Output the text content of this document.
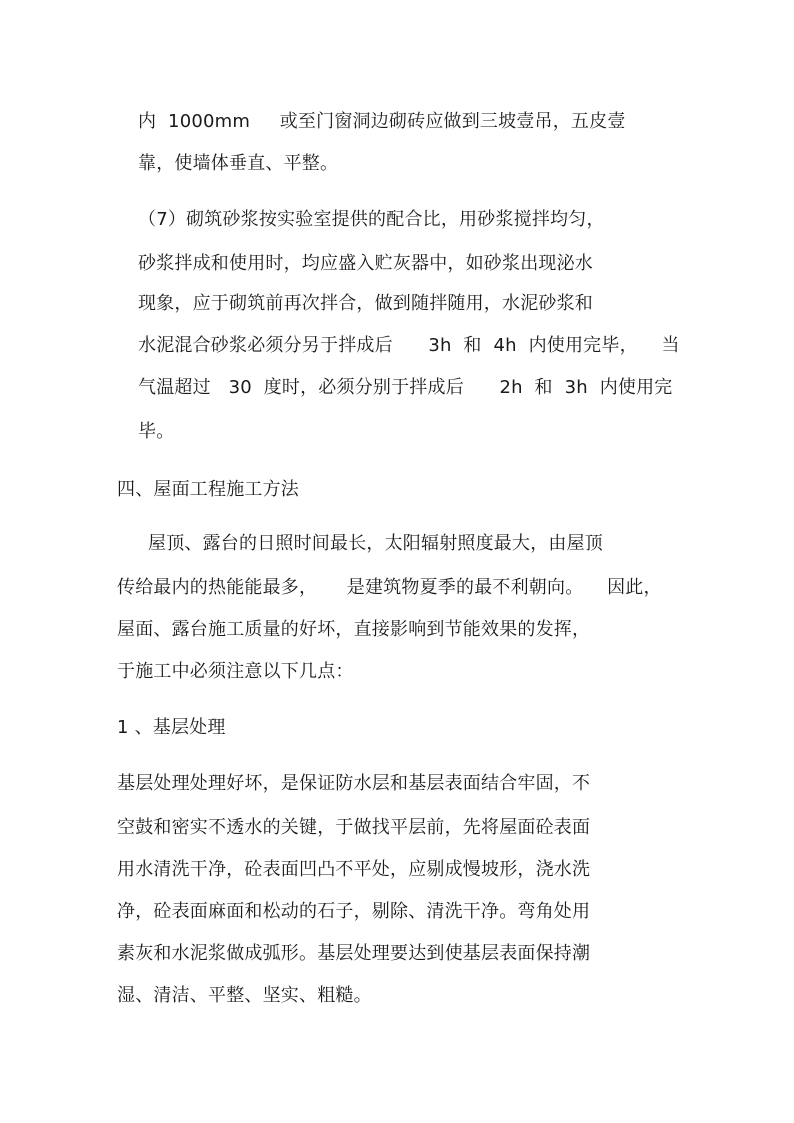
内  1000mm     或至门窗洞边砌砖应做到三坡壹吊，五皮壹
靠，使墙体垂直、平整。
（7）砌筑砂浆按实验室提供的配合比，用砂浆搅拌均匀，
砂浆拌成和使用时，均应盛入贮灰器中，如砂浆出现泌水
现象，应于砌筑前再次拌合，做到随拌随用，水泥砂浆和
水泥混合砂浆必须分另于拌成后      3h  和  4h  内使用完毕，    当
气温超过   30  度时，必须分别于拌成后      2h  和  3h  内使用完
毕。
四、屋面工程施工方法
屋顶、露台的日照时间最长，太阳辐射照度最大，由屋顶
传给最内的热能能最多，     是建筑物夏季的最不利朝向。    因此，
屋面、露台施工质量的好坏，直接影响到节能效果的发挥，
于施工中必须注意以下几点：
1 、基层处理
基层处理处理好坏，是保证防水层和基层表面结合牢固，不
空鼓和密实不透水的关键，于做找平层前，先将屋面砼表面
用水清洗干净，砼表面凹凸不平处，应剔成慢坡形，浇水洗
净，砼表面麻面和松动的石子，剔除、清洗干净。弯角处用
素灰和水泥浆做成弧形。基层处理要达到使基层表面保持潮
湿、清洁、平整、坚实、粗糙。
